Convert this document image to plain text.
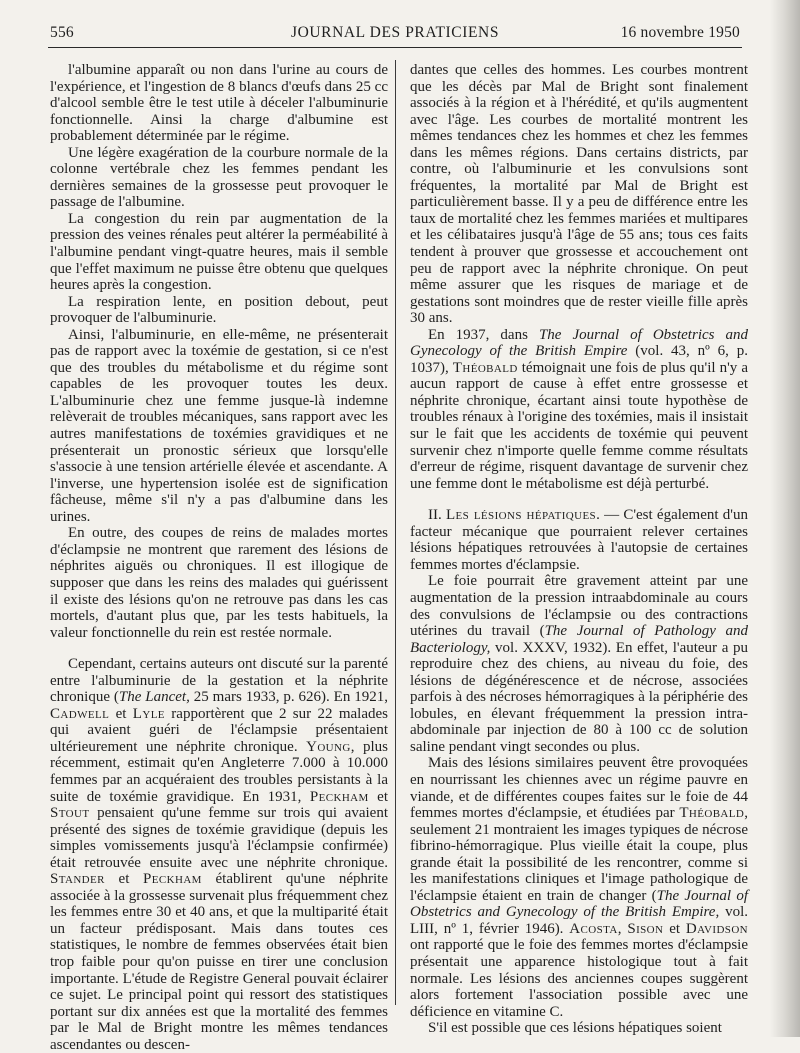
556	JOURNAL DES PRATICIENS	16 novembre 1950

l'albumine apparaît ou non dans l'urine au cours de l'expérience, et l'ingestion de 8 blancs d'œufs dans 25 cc d'alcool semble être le test utile à déceler l'albuminurie fonctionnelle. Ainsi la charge d'albumine est probablement déterminée par le régime.

Une légère exagération de la courbure normale de la colonne vertébrale chez les femmes pendant les dernières semaines de la grossesse peut provoquer le passage de l'albumine.

La congestion du rein par augmentation de la pression des veines rénales peut altérer la perméabilité à l'albumine pendant vingt-quatre heures, mais il semble que l'effet maximum ne puisse être obtenu que quelques heures après la congestion.

La respiration lente, en position debout, peut provoquer de l'albuminurie.

Ainsi, l'albuminurie, en elle-même, ne présenterait pas de rapport avec la toxémie de gestation, si ce n'est que des troubles du métabolisme et du régime sont capables de les provoquer toutes les deux. L'albuminurie chez une femme jusque-là indemne relèverait de troubles mécaniques, sans rapport avec les autres manifestations de toxémies gravidiques et ne présenterait un pronostic sérieux que lorsqu'elle s'associe à une tension artérielle élevée et ascendante. A l'inverse, une hypertension isolée est de signification fâcheuse, même s'il n'y a pas d'albumine dans les urines.

En outre, des coupes de reins de malades mortes d'éclampsie ne montrent que rarement des lésions de néphrites aiguës ou chroniques. Il est illogique de supposer que dans les reins des malades qui guérissent il existe des lésions qu'on ne retrouve pas dans les cas mortels, d'autant plus que, par les tests habituels, la valeur fonctionnelle du rein est restée normale.

Cependant, certains auteurs ont discuté sur la parenté entre l'albuminurie de la gestation et la néphrite chronique (The Lancet, 25 mars 1933, p. 626). En 1921, Cadwell et Lyle rapportèrent que 2 sur 22 malades qui avaient guéri de l'éclampsie présentaient ultérieurement une néphrite chronique. Young, plus récemment, estimait qu'en Angleterre 7.000 à 10.000 femmes par an acquéraient des troubles persistants à la suite de toxémie gravidique. En 1931, Peckham et Stout pensaient qu'une femme sur trois qui avaient présenté des signes de toxémie gravidique (depuis les simples vomissements jusqu'à l'éclampsie confirmée) était retrouvée ensuite avec une néphrite chronique. Stander et Peckham établirent qu'une néphrite associée à la grossesse survenait plus fréquemment chez les femmes entre 30 et 40 ans, et que la multiparité était un facteur prédisposant. Mais dans toutes ces statistiques, le nombre de femmes observées était bien trop faible pour qu'on puisse en tirer une conclusion importante. L'étude de Registre General pouvait éclairer ce sujet. Le principal point qui ressort des statistiques portant sur dix années est que la mortalité des femmes par le Mal de Bright montre les mêmes tendances ascendantes ou descen-

dantes que celles des hommes. Les courbes montrent que les décès par Mal de Bright sont finalement associés à la région et à l'hérédité, et qu'ils augmentent avec l'âge. Les courbes de mortalité montrent les mêmes tendances chez les hommes et chez les femmes dans les mêmes régions. Dans certains districts, par contre, où l'albuminurie et les convulsions sont fréquentes, la mortalité par Mal de Bright est particulièrement basse. Il y a peu de différence entre les taux de mortalité chez les femmes mariées et multipares et les célibataires jusqu'à l'âge de 55 ans; tous ces faits tendent à prouver que grossesse et accouchement ont peu de rapport avec la néphrite chronique. On peut même assurer que les risques de mariage et de gestations sont moindres que de rester vieille fille après 30 ans.

En 1937, dans The Journal of Obstetrics and Gynecology of the British Empire (vol. 43, nº 6, p. 1037), Théobald témoignait une fois de plus qu'il n'y a aucun rapport de cause à effet entre grossesse et néphrite chronique, écartant ainsi toute hypothèse de troubles rénaux à l'origine des toxémies, mais il insistait sur le fait que les accidents de toxémie qui peuvent survenir chez n'importe quelle femme comme résultats d'erreur de régime, risquent davantage de survenir chez une femme dont le métabolisme est déjà perturbé.

II. Les lésions hépatiques. — C'est également d'un facteur mécanique que pourraient relever certaines lésions hépatiques retrouvées à l'autopsie de certaines femmes mortes d'éclampsie.

Le foie pourrait être gravement atteint par une augmentation de la pression intraabdominale au cours des convulsions de l'éclampsie ou des contractions utérines du travail (The Journal of Pathology and Bacteriology, vol. XXXV, 1932). En effet, l'auteur a pu reproduire chez des chiens, au niveau du foie, des lésions de dégénérescence et de nécrose, associées parfois à des nécroses hémorragiques à la périphérie des lobules, en élevant fréquemment la pression intra-abdominale par injection de 80 à 100 cc de solution saline pendant vingt secondes ou plus.

Mais des lésions similaires peuvent être provoquées en nourrissant les chiennes avec un régime pauvre en viande, et de différentes coupes faites sur le foie de 44 femmes mortes d'éclampsie, et étudiées par Théobald, seulement 21 montraient les images typiques de nécrose fibrino-hémorragique. Plus vieille était la coupe, plus grande était la possibilité de les rencontrer, comme si les manifestations cliniques et l'image pathologique de l'éclampsie étaient en train de changer (The Journal of Obstetrics and Gynecology of the British Empire, vol. LIII, nº 1, février 1946). Acosta, Sison et Davidson ont rapporté que le foie des femmes mortes d'éclampsie présentait une apparence histologique tout à fait normale. Les lésions des anciennes coupes suggèrent alors fortement l'association possible avec une déficience en vitamine C.

S'il est possible que ces lésions hépatiques soient
